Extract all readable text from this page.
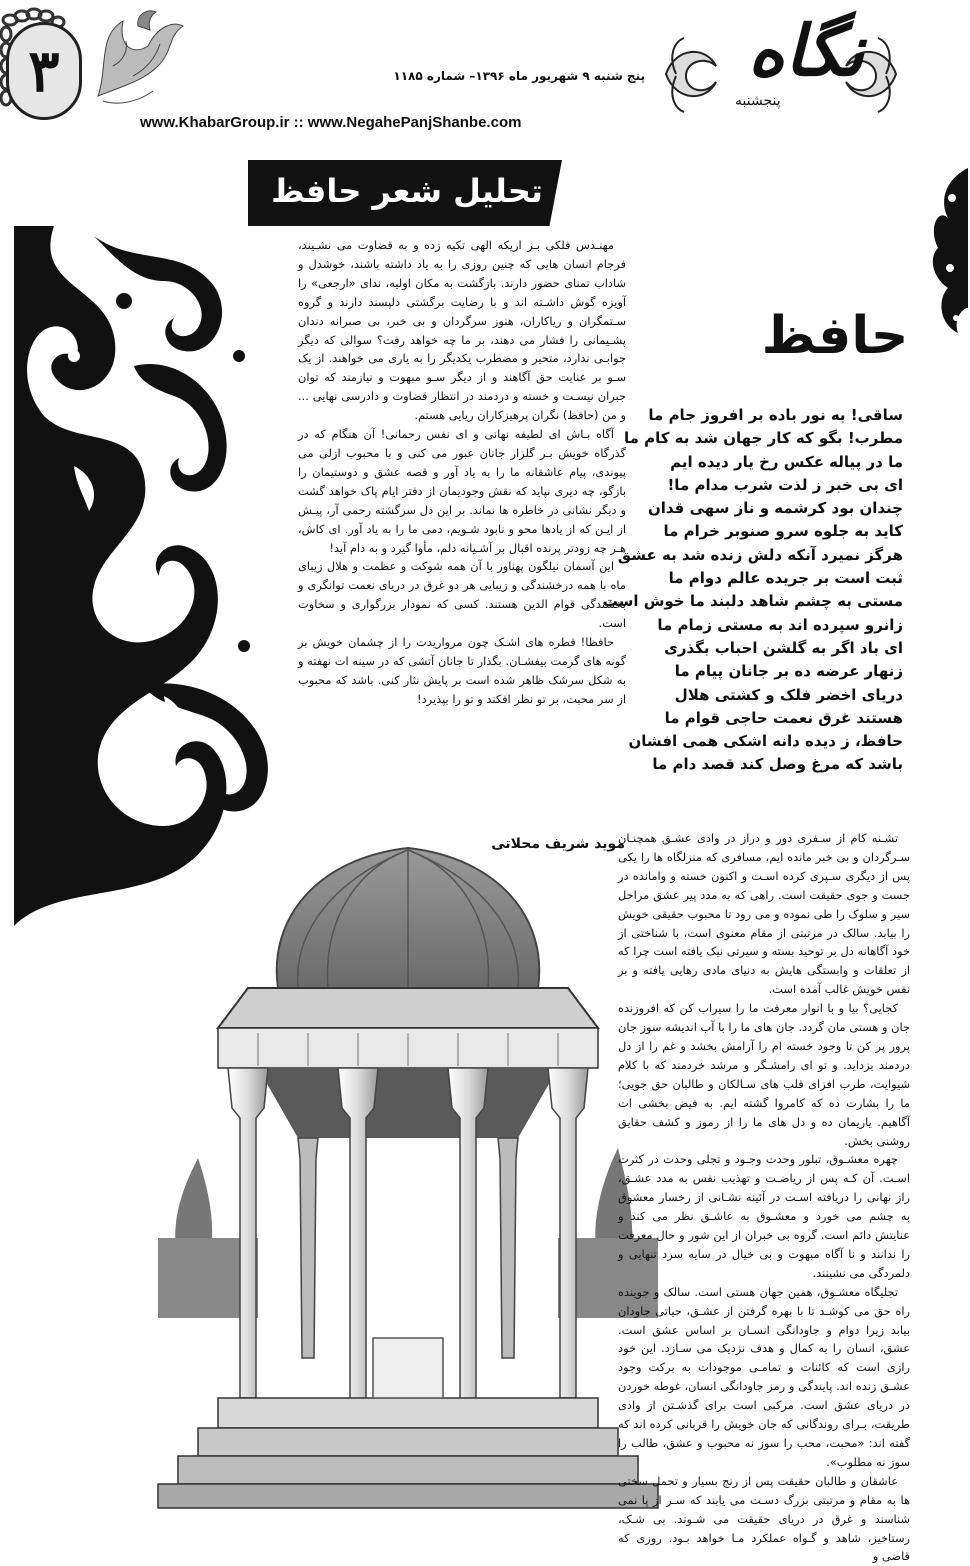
۳	پنج شنبه ۹ شهریور ماه ۱۳۹۶– شماره ۱۱۸۵ نگاه
پنجشنبه
www.KhabarGroup.ir :: www.NegahePanjShanbe.com
تحلیل شعر حافظ
حافظ
ساقی! به نور باده بر افروز جام ما
مطرب! بگو که کار جهان شد به کام ما
ما در پیاله عکس رخ یار دیده ایم
ای بی خبر ز لذت شرب مدام ما!
چندان بود کرشمه و ناز سهی قدان
کاید به جلوه سرو صنوبر خرام ما
هرگز نمیرد آنکه دلش زنده شد به عشق
ثبت است بر جریده عالم دوام ما
مستی به چشم شاهد دلبند ما خوش است
زانرو سپرده اند به مستی زمام ما
ای باد اگر به گلشن احباب بگذری
زنهار عرضه ده بر جانان پیام ما
دریای اخضر فلک و کشتی هلال
هستند غرق نعمت حاجی قوام ما
حافظ، ز دیده دانه اشکی همی افشان
باشد که مرغ وصل کند قصد دام ما

مهنـدس فلکی بـر اریکه الهی تکیه زده و به قضاوت می نشـیند، فرجام انسان هایی که چنین روزی را به یاد داشته باشند، خوشدل و شاداب تمنای حضور دارند. بازگشت به مکان اولیه، ندای «ارجعی» را آویزه گوش داشـته اند و با رضایت برگشتی دلپسند دارند و گروه سـتمگران و ریاکاران، هنوز سرگردان و بی خبر، بی صبرانه دندان پشـیمانی را فشار می دهند، بر ما چه خواهد رفت؟ سوالی که دیگر جوابـی ندارد، متحیر و مضطرب یکدیگر را به یاری می خواهند. از یک سـو بر عنایت حق آگاهند و از دیگر سـو مبهوت و نیازمند که توان جبران نیسـت و خسته و دردمند در انتظار قضاوت و دادرسی نهایی ... و من (حافظ) نگران پرهیزکاران ریایی هستم.

آگاه بـاش ای لطیفه نهانی و ای نفس رحمانی! آن هنگام که در گذرگاه خویش بـر گلزار جانان عبور می کنی و با محبوب ازلی می پیوندی، پیام عاشقانه ما را به یاد آور و قصه عشق و دوستیمان را بازگو، چه دیری نپاید که نقش وجودیمان از دفتر ایام پاک خواهد گشت و دیگر نشانی در خاطره ها نماند. بر این دل سرگشته رحمی آر، پیـش از ایـن که از یادها محو و نابود شـویم، دمی ما را به یاد آور. ای کاش، هـر چه زودتر پرنده اقبال بر آشـیانه دلم، مأوا گیرد و به دام آید!

این آسمان نیلگون پهناور با آن همه شوکت و عظمت و هلال زیبای ماه با همه درخشندگی و زیبایی هر دو غرق در دریای نعمت توانگری و بخشندگی قوام الدین هستند. کسی که نمودار بزرگواری و سخاوت است.

حافظا! قطره های اشـک چون مرواریدت را از چشمان خویش بر گونه های گرمت بیفشـان. بگذار تا جانان آتشی که در سینه ات نهفته و به شکل سرشک ظاهر شده است بر پایش نثار کنی. باشد که محبوب از سر محبت، بر تو نظر افکند و تو را بپذیرد!

موید شریف محلاتی

تشـنه کام از سـفری دور و دراز در وادی عشـق همچنـان سـرگردان و بی خبر مانده ایم، مسافری که منزلگاه ها را یکی پس از دیگری سـپری کرده اسـت و اکنون خسته و وامانده در جست و جوی حقیقت است. راهی که به مدد پیر عشق مراحل سیر و سلوک را طی نموده و می رود تا محبوب حقیقی خویش را بیابد. سالک در مرتبتی از مقام معنوی است، با شناختی از خود آگاهانه دل بر توحید بسته و سیرتی نیک یافته است چرا که از تعلقات و وابستگی هایش به دنیای مادی رهایی یافته و بر نفس خویش غالب آمده است.

کجایی؟ بیا و با انوار معرفت ما را سیراب کن که افروزنده جان و هستی مان گردد. جان های ما را با آب اندیشه سوز جان پرور پر کن تا وجود خسته ام را آرامش بخشد و غم را از دل دردمند بزداید. و تو ای رامشـگر و مرشد خردمند که با کلام شیوایت، طرب افزای قلب های سـالکان و طالبان حق جویی؛ ما را بشارت ده که کامروا گشته ایم. به فیض بخشی ات آگاهیم. یاریمان ده و دل های ما را از رموز و کشف حقایق روشنی بخش.

چهره معشـوق، تبلور وحدت وجـود و تجلی وحدت در کثرت اسـت. آن کـه پس از ریاضـت و تهذیب نفس به مدد عشـق، راز نهانی را دریافته اسـت در آئینه نشـانی از رخسار معشوق به چشم می خورد و معشـوق به عاشـق نظر می کند و عنایتش دائم است. گروه بی خبران از این شور و حال معرفت را ندانند و نا آگاه مبهوت و بی خیال در سایه سرد تنهایی و دلمردگی می نشینند.

تجلیگاه معشـوق، همین جهان هستی است. سالک و جوینده راه حق می کوشـد تا با بهره گرفتن از عشـق، حیاتی جاودان بیابد زیرا دوام و جاودانگی انسـان بر اساس عشق است. عشق، انسان را به کمال و هدف نزدیک می سـازد. این خود رازی است که کائنات و تمامـی موجودات به برکت وجود عشـق زنده اند. پایندگی و رمز جاودانگی انسان، غوطه خوردن در دریای عشق است. مرکبی است برای گذشـتن از وادی طریقت، بـرای روندگانی که جان خویش را قربانی کرده اند که گفته اند: «محبت، محب را سوز نه محبوب و عشق، طالب را سوز نه مطلوب».

عاشقان و طالبان حقیقت پس از رنج بسیار و تحمل سختی ها به مقام و مرتبتی بزرگ دسـت می یابند که سـر از پا نمی شناسند و غرق در دریای حقیقت می شـوند. بی شـک، رستاخیز، شاهد و گـواه عملکرد مـا خواهد بـود. روزی که قاضی و
